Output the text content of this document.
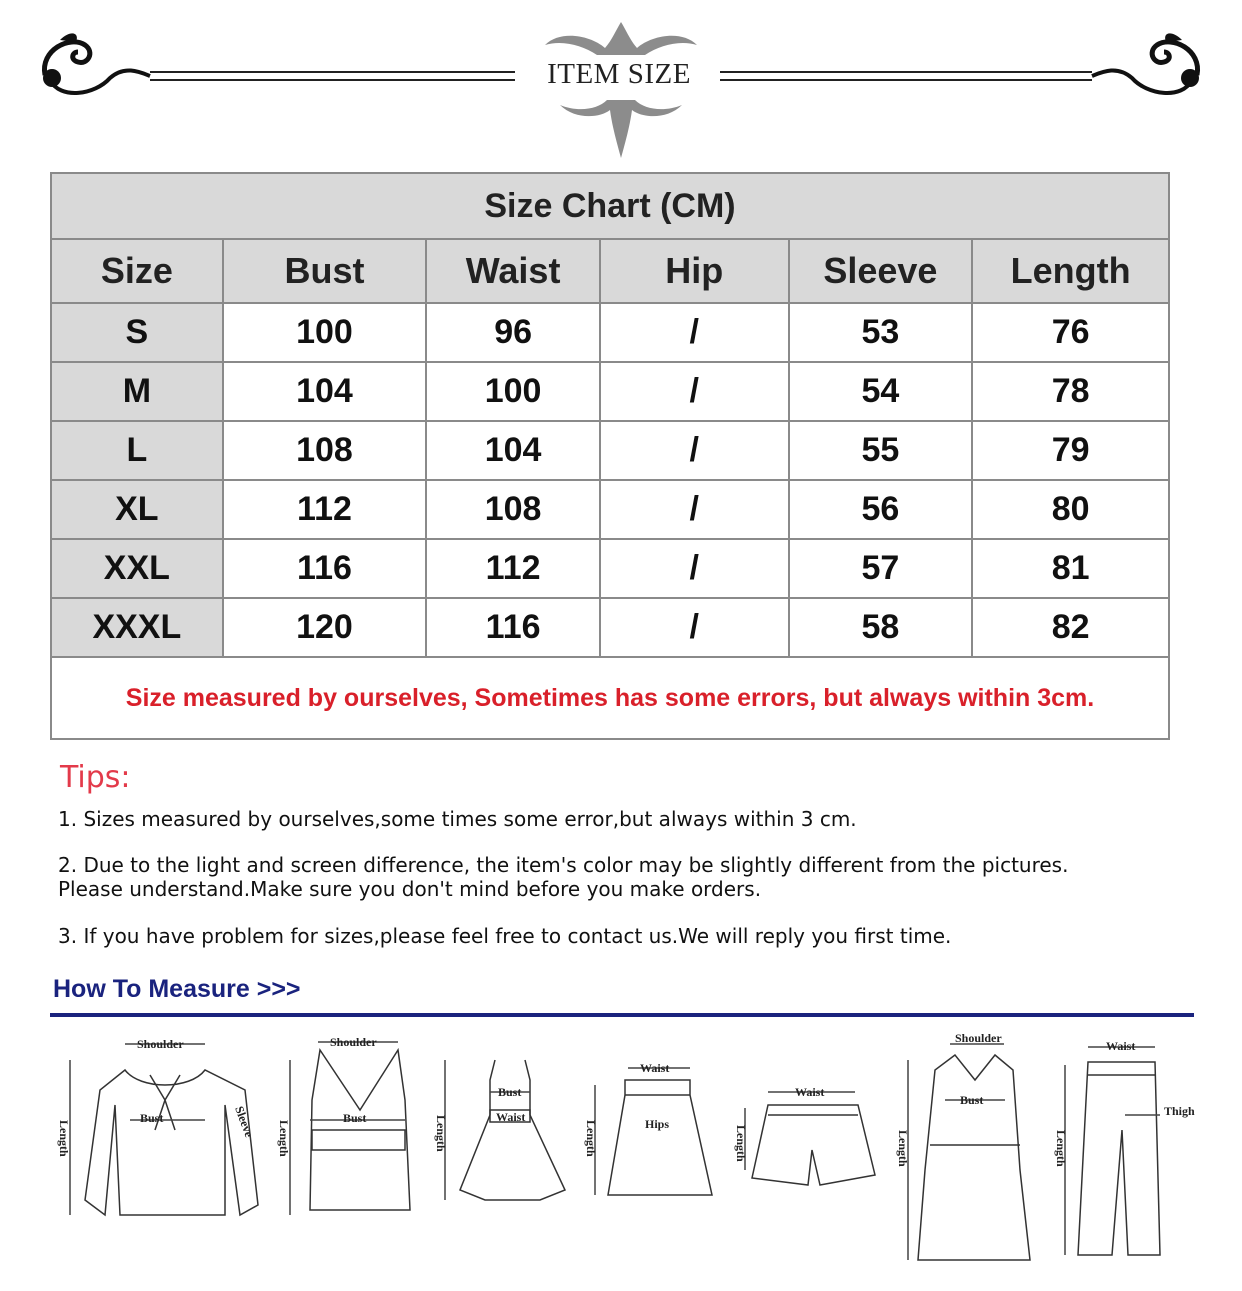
ITEM SIZE
Size Chart (CM)					
Size	Bust	Waist	Hip	Sleeve	Length
S	100	96	/	53	76
M	104	100	/	54	78
L	108	104	/	55	79
XL	112	108	/	56	80
XXL	116	112	/	57	81
XXXL	120	116	/	58	82
Size measured by ourselves, Sometimes has some errors, but always within 3cm.					
Tips:
1. Sizes measured by ourselves,some times some error,but always within 3 cm.
2. Due to the light and screen difference, the item's color may be slightly different from the pictures.
Please understand.Make sure you don't mind before you make orders.
3. If you have problem for sizes,please feel free to contact us.We will reply you first time.
How To Measure >>>
Shoulder
Length
Bust	Sleeve
Shoulder
Length
Bust	Length
Bust
Waist
Waist
Length	Hips
Waist
Length
Shoulder
Length
Bust
Waist
Length
Thigh
